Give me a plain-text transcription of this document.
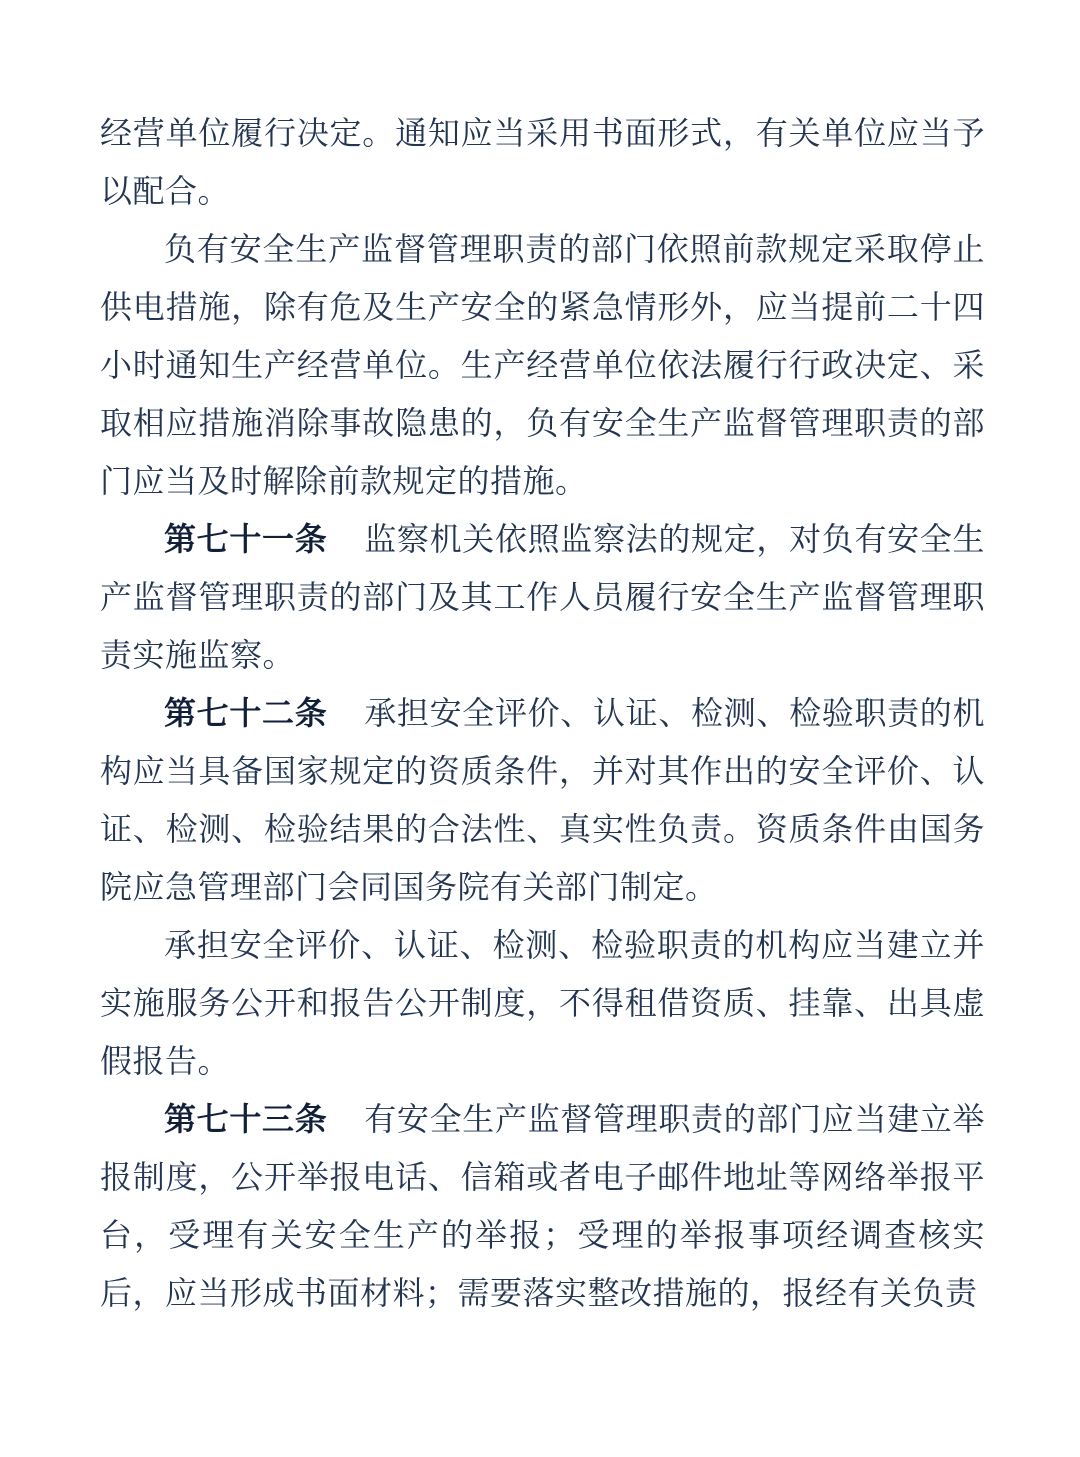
经营单位履行决定。通知应当采用书面形式，有关单位应当予以配合。

负有安全生产监督管理职责的部门依照前款规定采取停止供电措施，除有危及生产安全的紧急情形外，应当提前二十四小时通知生产经营单位。生产经营单位依法履行行政决定、采取相应措施消除事故隐患的，负有安全生产监督管理职责的部门应当及时解除前款规定的措施。

第七十一条 监察机关依照监察法的规定，对负有安全生产监督管理职责的部门及其工作人员履行安全生产监督管理职责实施监察。

第七十二条 承担安全评价、认证、检测、检验职责的机构应当具备国家规定的资质条件，并对其作出的安全评价、认证、检测、检验结果的合法性、真实性负责。资质条件由国务院应急管理部门会同国务院有关部门制定。

承担安全评价、认证、检测、检验职责的机构应当建立并实施服务公开和报告公开制度，不得租借资质、挂靠、出具虚假报告。

第七十三条 有安全生产监督管理职责的部门应当建立举报制度，公开举报电话、信箱或者电子邮件地址等网络举报平台，受理有关安全生产的举报；受理的举报事项经调查核实后，应当形成书面材料；需要落实整改措施的，报经有关负责
